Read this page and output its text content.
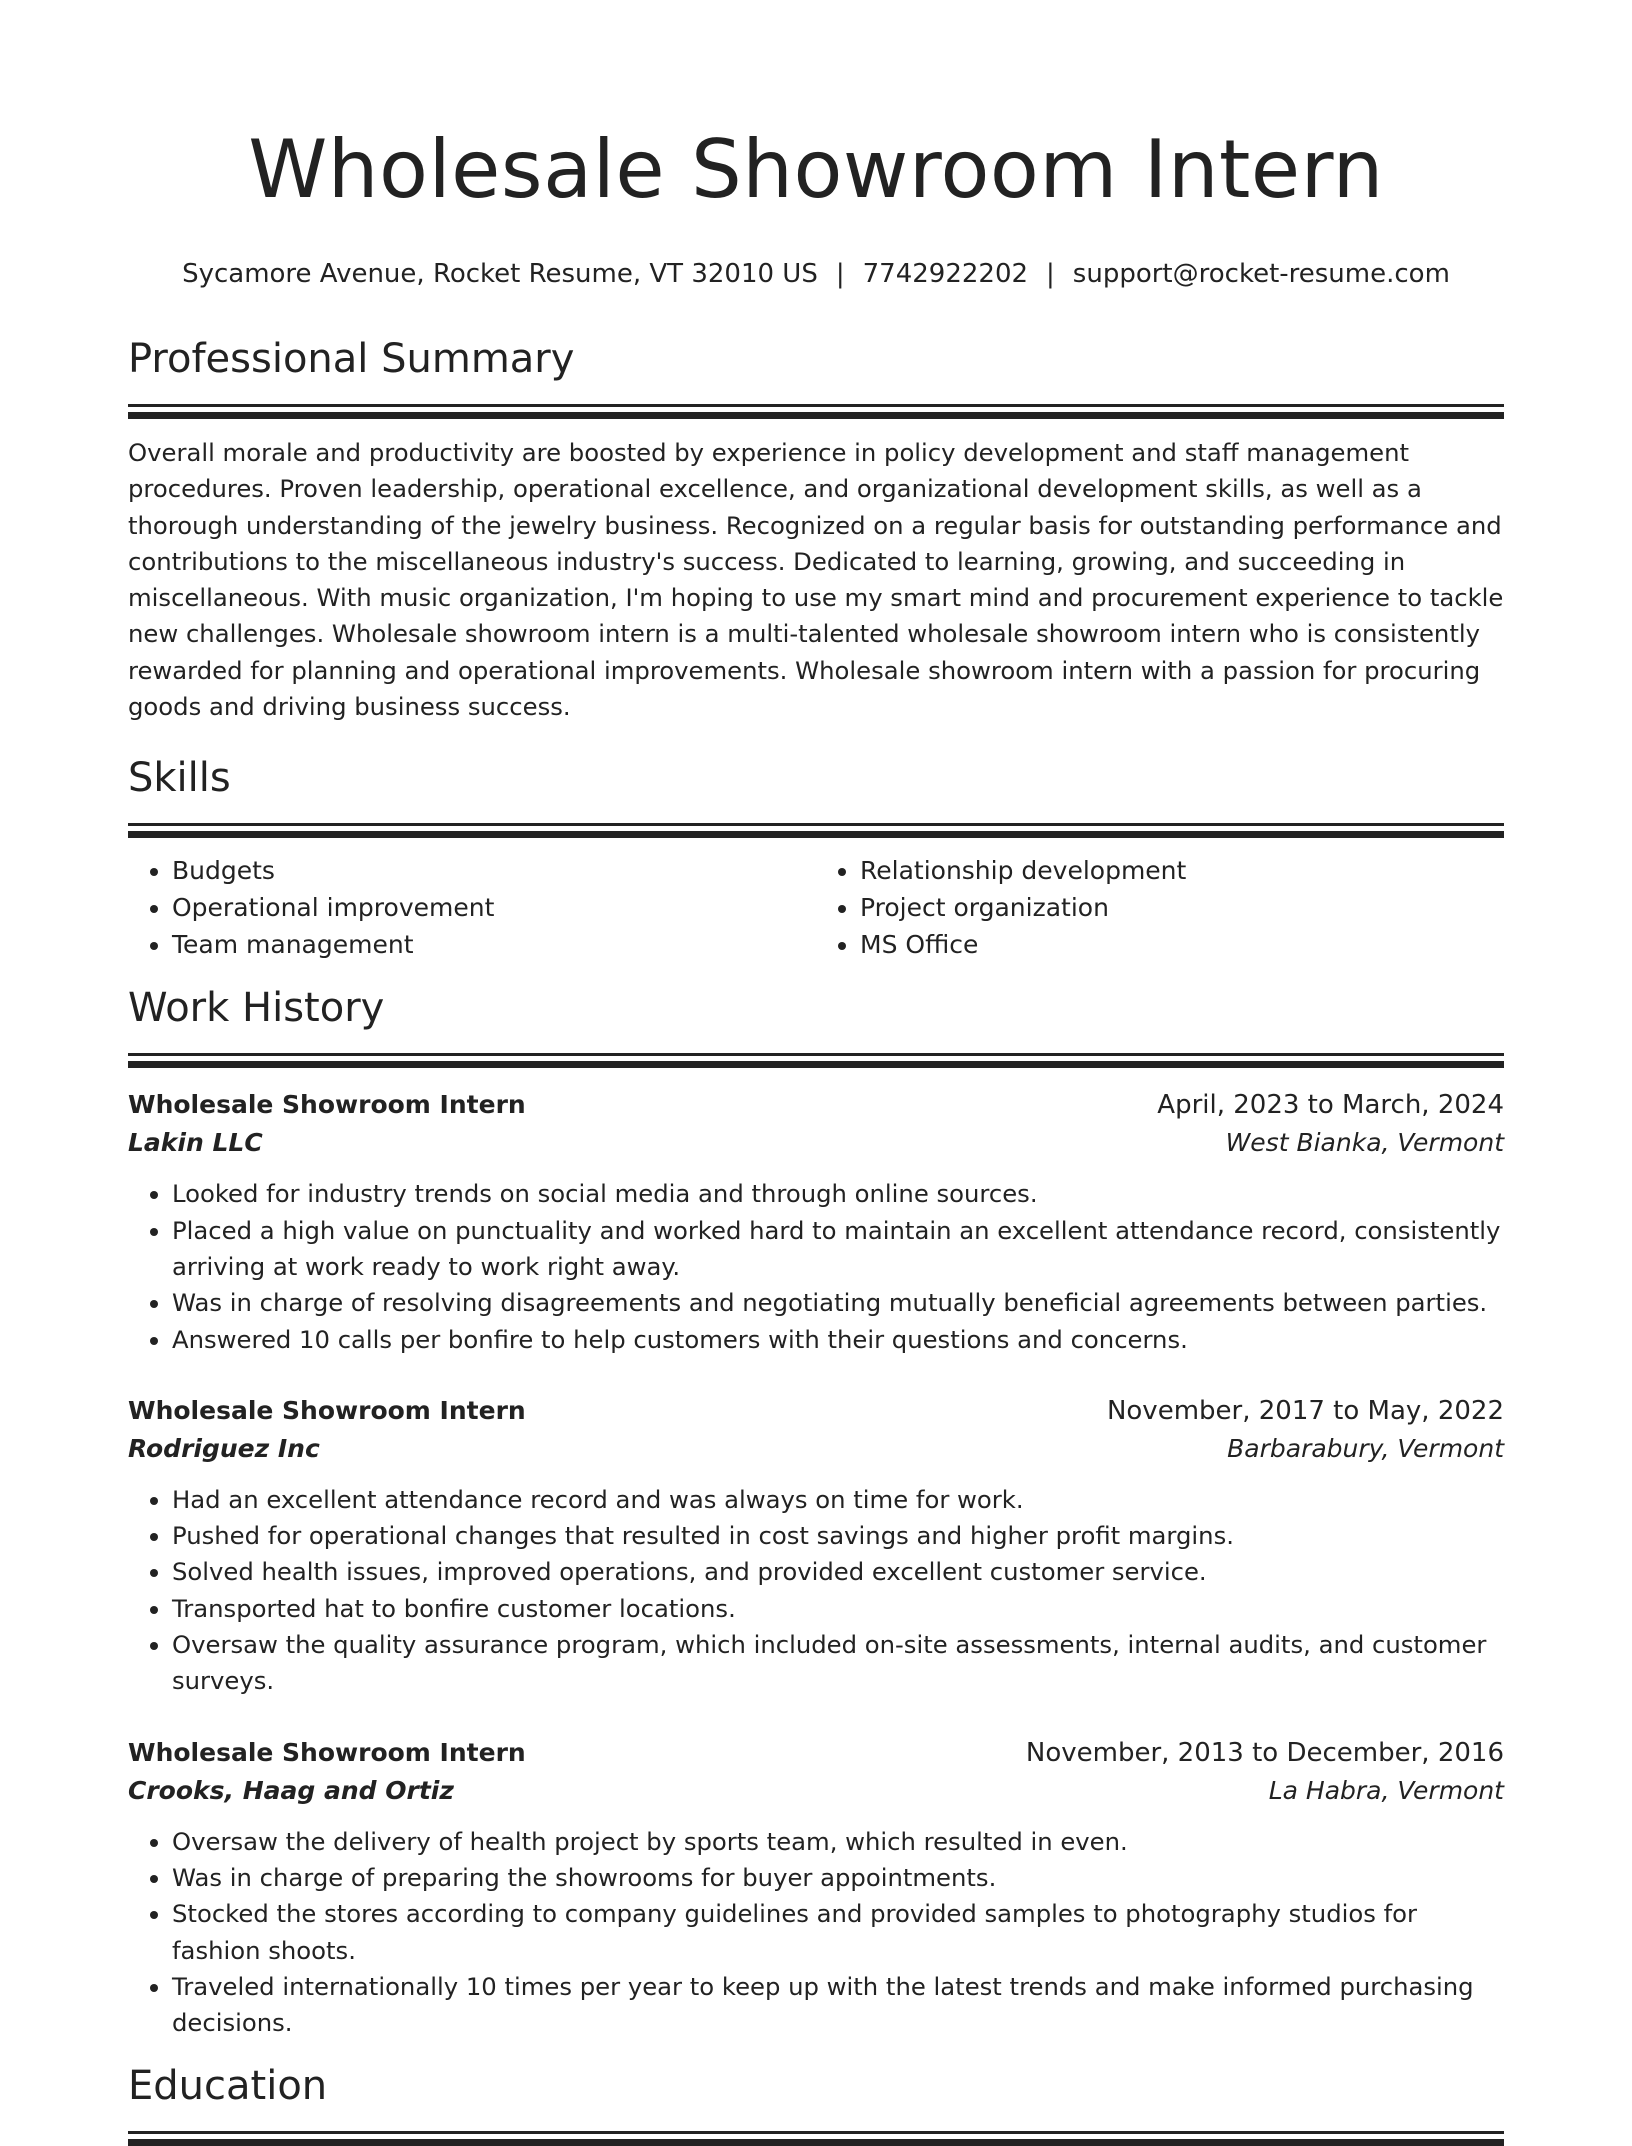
Wholesale Showroom Intern
Sycamore Avenue, Rocket Resume, VT 32010 US | 7742922202 | support@rocket-resume.com
Professional Summary
Overall morale and productivity are boosted by experience in policy development and staff management procedures. Proven leadership, operational excellence, and organizational development skills, as well as a thorough understanding of the jewelry business. Recognized on a regular basis for outstanding performance and contributions to the miscellaneous industry's success. Dedicated to learning, growing, and succeeding in miscellaneous. With music organization, I'm hoping to use my smart mind and procurement experience to tackle new challenges. Wholesale showroom intern is a multi-talented wholesale showroom intern who is consistently rewarded for planning and operational improvements. Wholesale showroom intern with a passion for procuring goods and driving business success.
Skills
• Budgets
• Operational improvement
• Team management
• Relationship development
• Project organization
• MS Office
Work History
Wholesale Showroom Intern	April, 2023 to March, 2024
Lakin LLC	West Bianka, Vermont
• Looked for industry trends on social media and through online sources.
• Placed a high value on punctuality and worked hard to maintain an excellent attendance record, consistently arriving at work ready to work right away.
• Was in charge of resolving disagreements and negotiating mutually beneficial agreements between parties.
• Answered 10 calls per bonfire to help customers with their questions and concerns.
Wholesale Showroom Intern	November, 2017 to May, 2022
Rodriguez Inc	Barbarabury, Vermont
• Had an excellent attendance record and was always on time for work.
• Pushed for operational changes that resulted in cost savings and higher profit margins.
• Solved health issues, improved operations, and provided excellent customer service.
• Transported hat to bonfire customer locations.
• Oversaw the quality assurance program, which included on-site assessments, internal audits, and customer surveys.
Wholesale Showroom Intern	November, 2013 to December, 2016
Crooks, Haag and Ortiz	La Habra, Vermont
• Oversaw the delivery of health project by sports team, which resulted in even.
• Was in charge of preparing the showrooms for buyer appointments.
• Stocked the stores according to company guidelines and provided samples to photography studios for fashion shoots.
• Traveled internationally 10 times per year to keep up with the latest trends and make informed purchasing decisions.
Education
